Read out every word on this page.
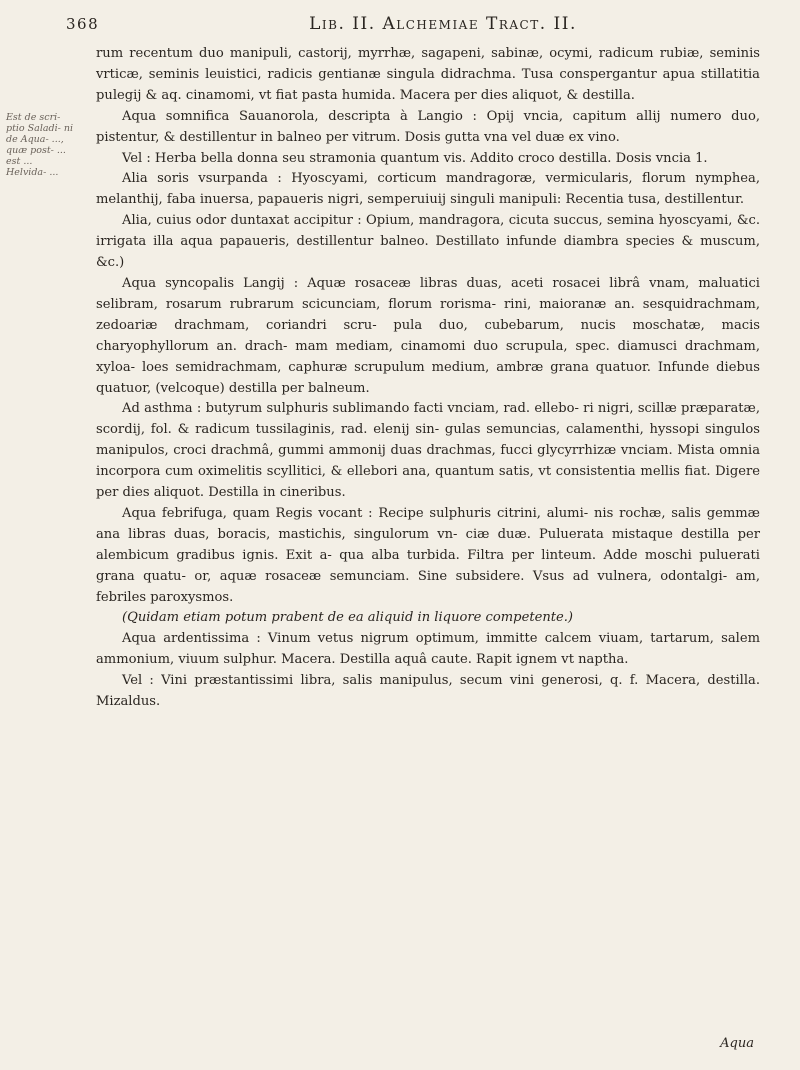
368	Lib. II. Alchemiae Tract. II.
Est de scri- ptio Saladi- ni de Aqua- ..., quæ post- ... est ... Helvida- ...

rum recentum duo manipuli, castorij, myrrhæ, sagapeni, sabinæ, ocymi, radicum rubiæ, seminis vrticæ, seminis leuistici, radicis gentianæ singula didrachma. Tusa conspergantur apua stillatitia pulegij & aq. cinamomi, vt fiat pasta humida. Macera per dies aliquot, & destilla.

Aqua somnifica Sauanorola, descripta à Langio : Opij vncia, capitum allij numero duo, pistentur, & destillentur in balneo per vitrum. Dosis gutta vna vel duæ ex vino.

Vel : Herba bella donna seu stramonia quantum vis. Addito croco destilla. Dosis vncia 1.

Alia soris vsurpanda : Hyoscyami, corticum mandragoræ, vermicularis, florum nymphea, melanthij, faba inuersa, papaueris nigri, semperuiuij singuli manipuli: Recentia tusa, destillentur.

Alia, cuius odor duntaxat accipitur : Opium, mandragora, cicuta succus, semina hyoscyami, &c. irrigata illa aqua papaueris, destillentur balneo. Destillato infunde diambra species & muscum, &c.)

Aqua syncopalis Langij : Aquæ rosaceæ libras duas, aceti rosacei librâ vnam, maluatici selibram, rosarum rubrarum scicunciam, florum rorisma- rini, maioranæ an. sesquidrachmam, zedoariæ drachmam, coriandri scru- pula duo, cubebarum, nucis moschatæ, macis charyophyllorum an. drach- mam mediam, cinamomi duo scrupula, spec. diamusci drachmam, xyloa- loes semidrachmam, caphuræ scrupulum medium, ambræ grana quatuor. Infunde diebus quatuor, (velcoque) destilla per balneum.

Ad asthma : butyrum sulphuris sublimando facti vnciam, rad. ellebo- ri nigri, scillæ præparatæ, scordij, fol. & radicum tussilaginis, rad. elenij sin- gulas semuncias, calamenthi, hyssopi singulos manipulos, croci drachmâ, gummi ammonij duas drachmas, fucci glycyrrhizæ vnciam. Mista omnia incorpora cum oximelitis scyllitici, & ellebori ana, quantum satis, vt consistentia mellis fiat. Digere per dies aliquot. Destilla in cineribus.

Aqua febrifuga, quam Regis vocant : Recipe sulphuris citrini, alumi- nis rochæ, salis gemmæ ana libras duas, boracis, mastichis, singulorum vn- ciæ duæ. Puluerata mistaque destilla per alembicum gradibus ignis. Exit a- qua alba turbida. Filtra per linteum. Adde moschi puluerati grana quatu- or, aquæ rosaceæ semunciam. Sine subsidere. Vsus ad vulnera, odontalgi- am, febriles paroxysmos.

(Quidam etiam potum prabent de ea aliquid in liquore competente.)

Aqua ardentissima : Vinum vetus nigrum optimum, immitte calcem viuam, tartarum, salem ammonium, viuum sulphur. Macera. Destilla aquâ caute. Rapit ignem vt naptha.

Vel : Vini præstantissimi libra, salis manipulus, secum vini generosi, q. f. Macera, destilla. Mizaldus.

Aqua
